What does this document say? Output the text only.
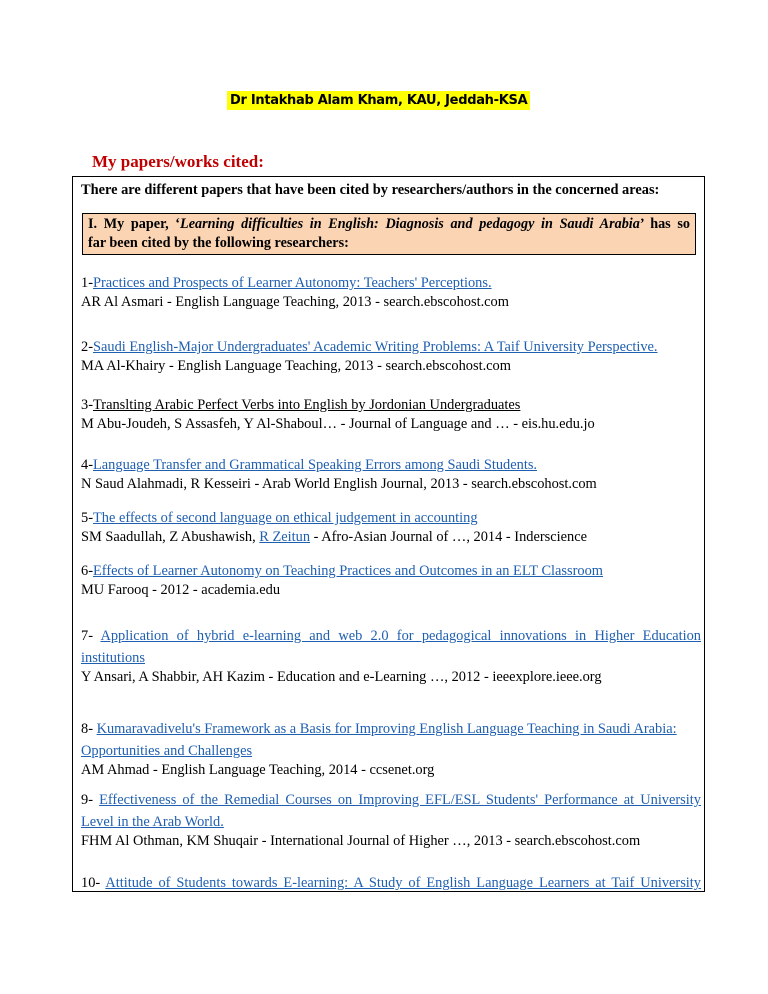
Dr Intakhab Alam Kham, KAU, Jeddah-KSA
My papers/works cited:
There are different papers that have been cited by researchers/authors in the concerned areas:
I. My paper, ‘Learning difficulties in English: Diagnosis and pedagogy in Saudi Arabia’ has so
far been cited by the following researchers:
1-Practices and Prospects of Learner Autonomy: Teachers' Perceptions.
AR Al Asmari - English Language Teaching, 2013 - search.ebscohost.com
2-Saudi English-Major Undergraduates' Academic Writing Problems: A Taif University Perspective.
MA Al-Khairy - English Language Teaching, 2013 - search.ebscohost.com
3-Translting Arabic Perfect Verbs into English by Jordonian Undergraduates
M Abu-Joudeh, S Assasfeh, Y Al-Shaboul… - Journal of Language and … - eis.hu.edu.jo
4-Language Transfer and Grammatical Speaking Errors among Saudi Students.
N Saud Alahmadi, R Kesseiri - Arab World English Journal, 2013 - search.ebscohost.com
5-The effects of second language on ethical judgement in accounting
SM Saadullah, Z Abushawish, R Zeitun - Afro-Asian Journal of …, 2014 - Inderscience
6-Effects of Learner Autonomy on Teaching Practices and Outcomes in an ELT Classroom
MU Farooq - 2012 - academia.edu
7- Application of hybrid e-learning and web 2.0 for pedagogical innovations in Higher Education
institutions
Y Ansari, A Shabbir, AH Kazim - Education and e-Learning …, 2012 - ieeexplore.ieee.org
8- Kumaravadivelu's Framework as a Basis for Improving English Language Teaching in Saudi Arabia:
Opportunities and Challenges
AM Ahmad - English Language Teaching, 2014 - ccsenet.org
9- Effectiveness of the Remedial Courses on Improving EFL/ESL Students' Performance at University
Level in the Arab World.
FHM Al Othman, KM Shuqair - International Journal of Higher …, 2013 - search.ebscohost.com
10- Attitude of Students towards E-learning: A Study of English Language Learners at Taif University
